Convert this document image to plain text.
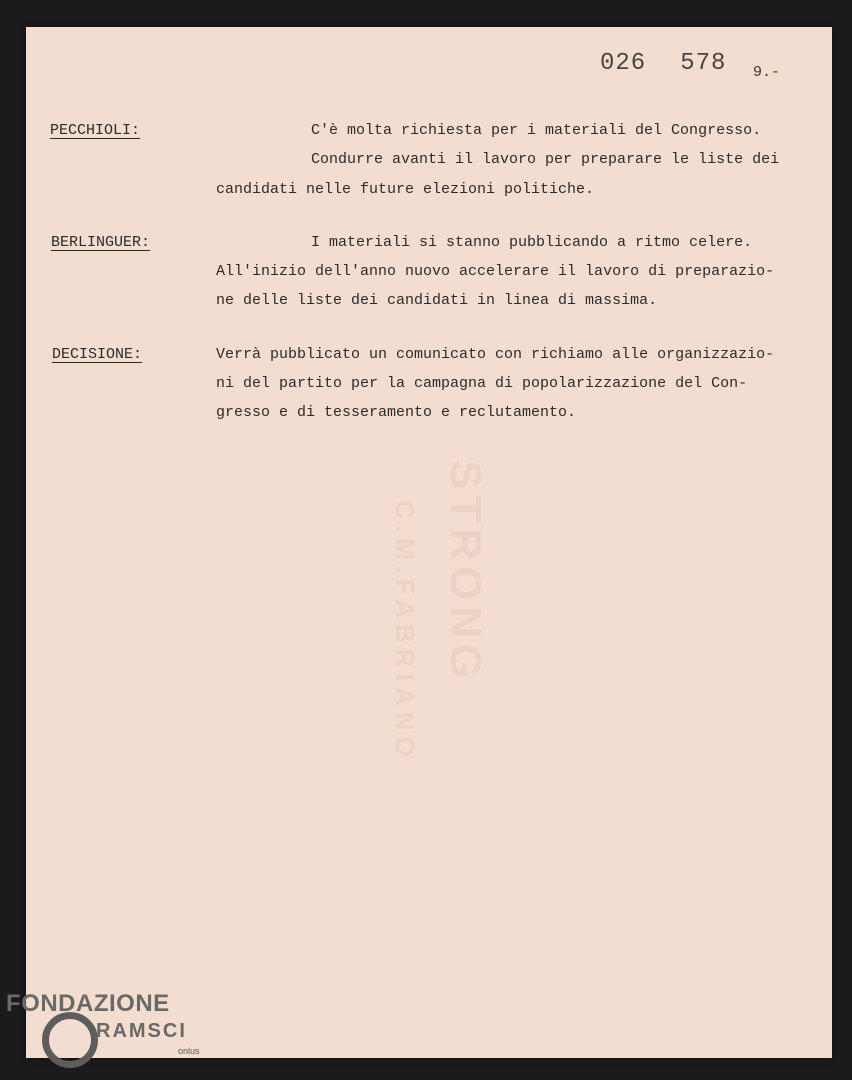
STRONG
C.M.FABRIANO
026 578 9.-
PECCHIOLI:	C'è molta richiesta per i materiali del Congresso.
Condurre avanti il lavoro per preparare le liste dei
candidati nelle future elezioni politiche.
BERLINGUER:	I materiali si stanno pubblicando a ritmo celere.
All'inizio dell'anno nuovo accelerare il lavoro di preparazio-
ne delle liste dei candidati in linea di massima.
DECISIONE:	Verrà pubblicato un comunicato con richiamo alle organizzazio-
ni del partito per la campagna di popolarizzazione del Con-
gresso e di tesseramento e reclutamento.
FONDAZIONE
RAMSCI
onlus
